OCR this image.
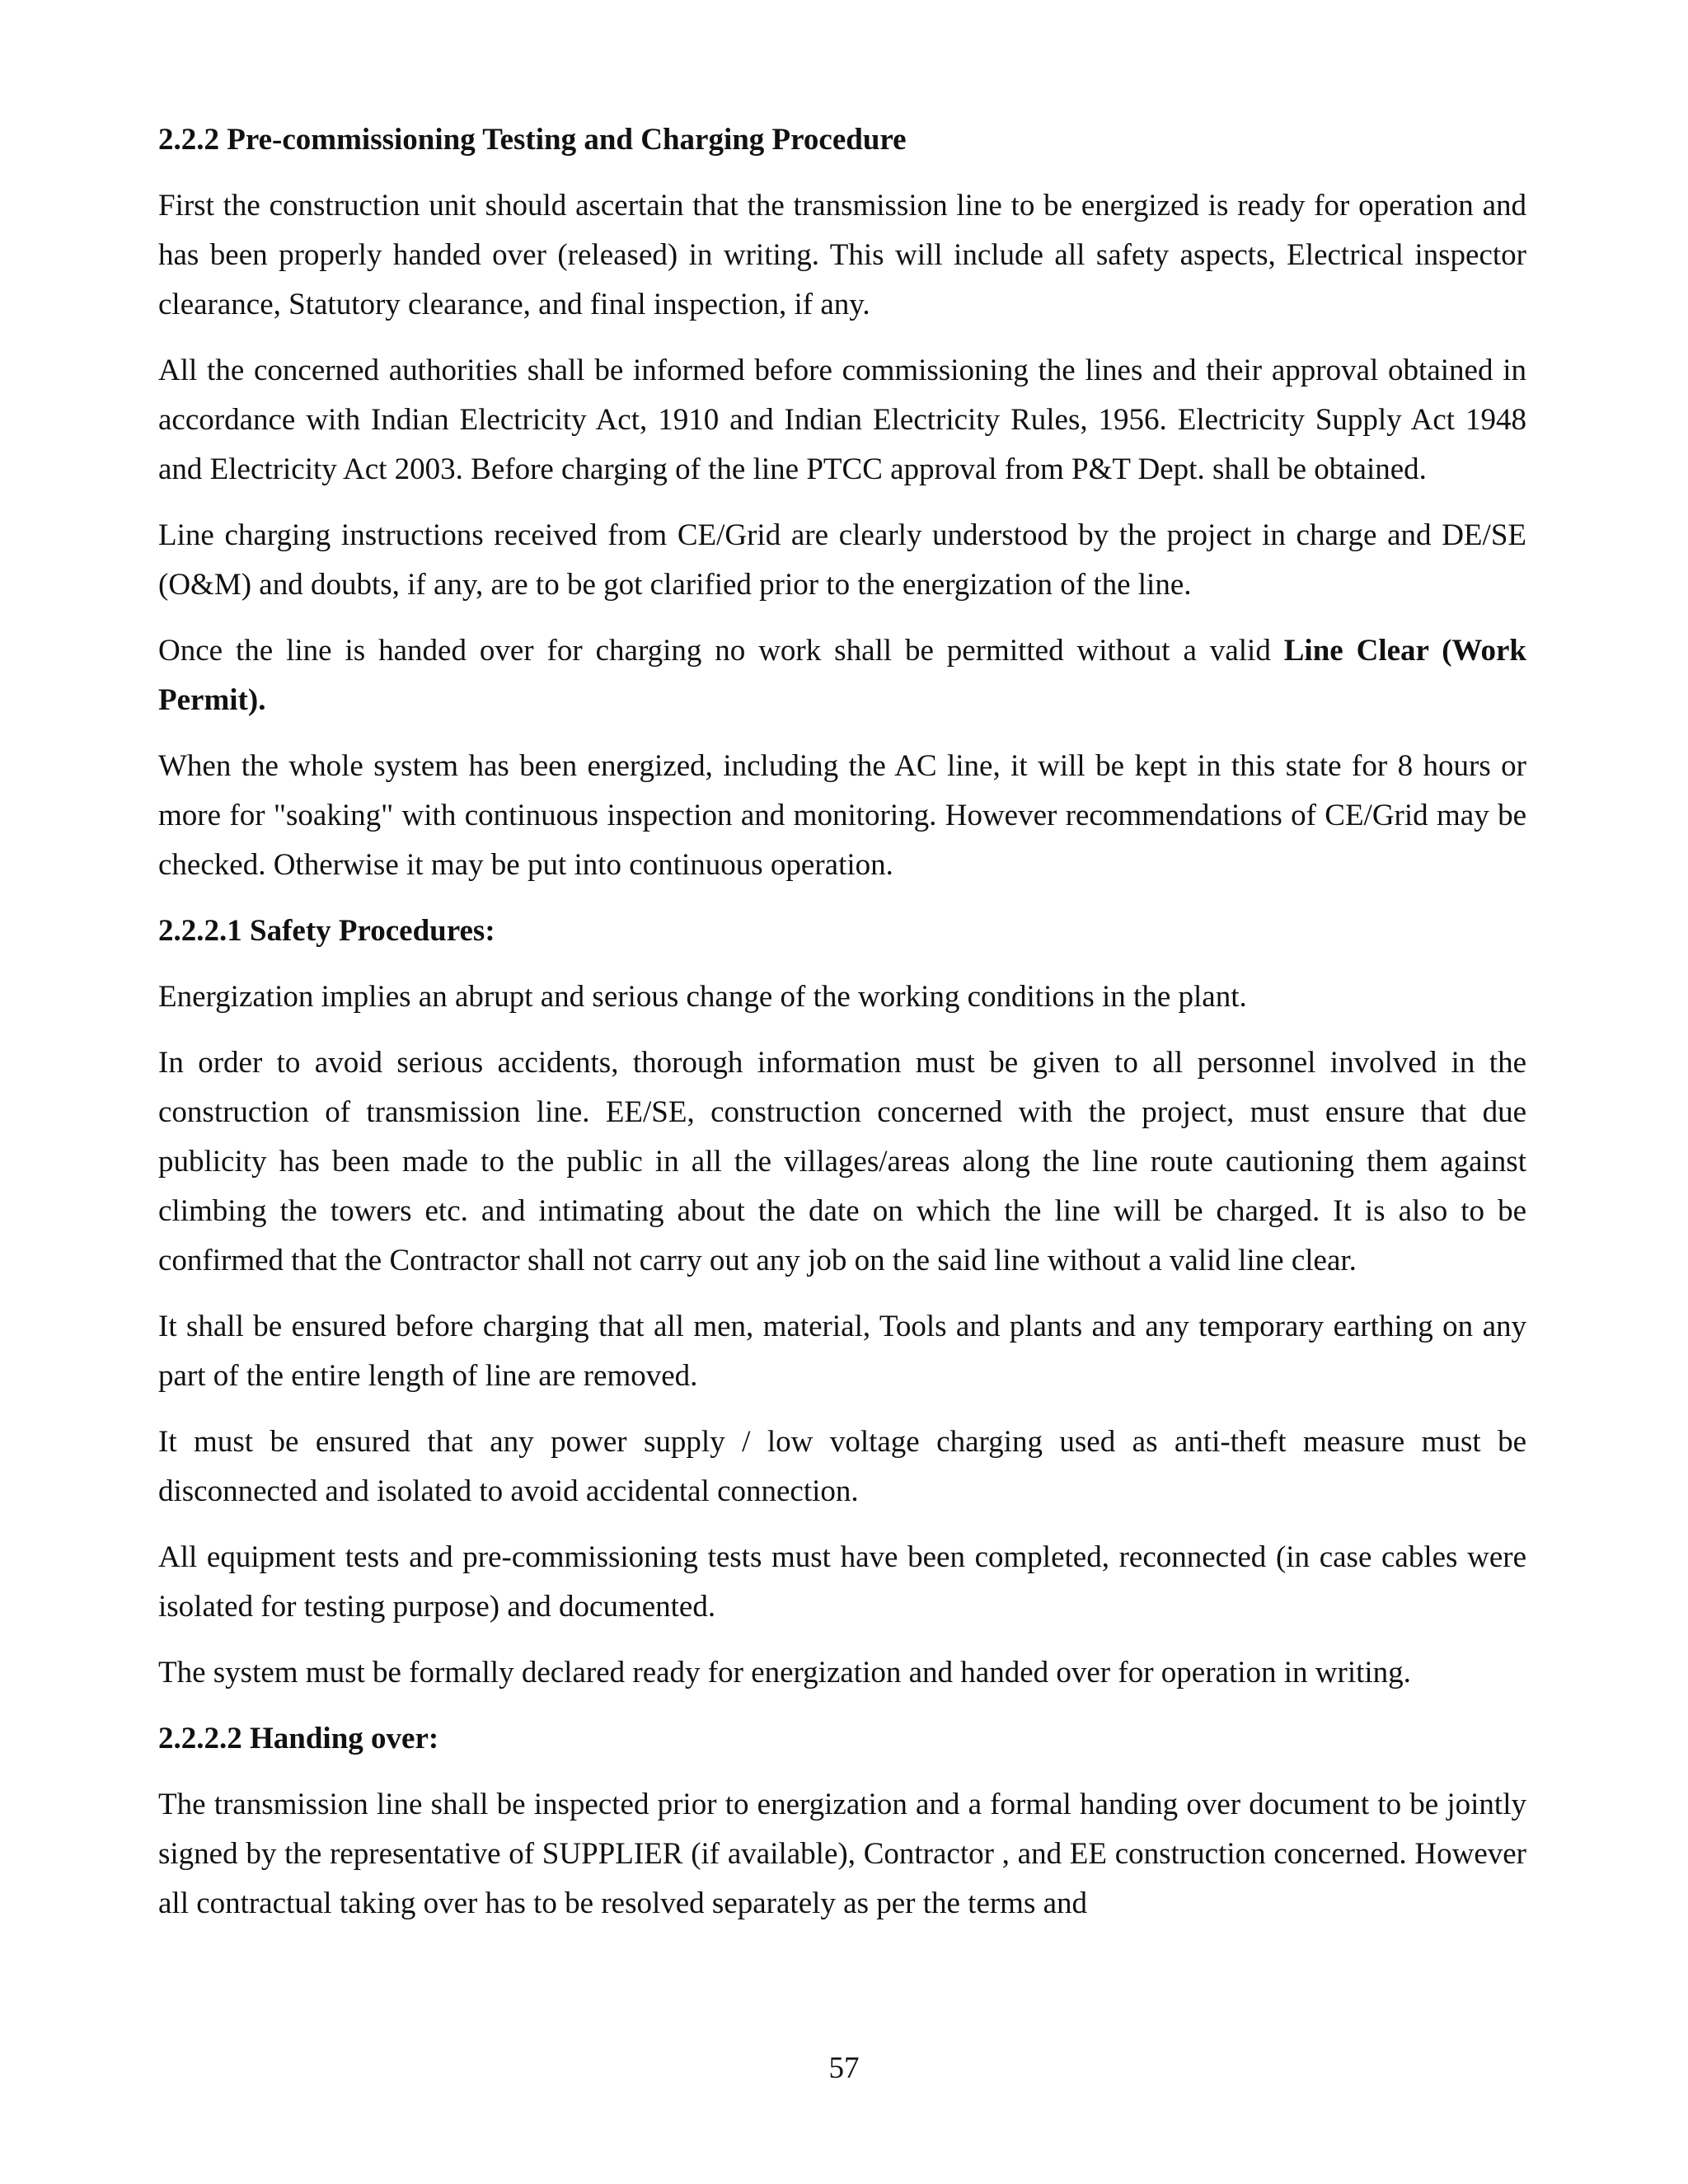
2.2.2 Pre-commissioning Testing and Charging Procedure

First the construction unit should ascertain that the transmission line to be energized is ready for operation and has been properly handed over (released) in writing. This will include all safety aspects, Electrical inspector clearance, Statutory clearance, and final inspection, if any.

All the concerned authorities shall be informed before commissioning the lines and their approval obtained in accordance with Indian Electricity Act, 1910 and Indian Electricity Rules, 1956. Electricity Supply Act 1948 and Electricity Act 2003. Before charging of the line PTCC approval from P&T Dept. shall be obtained.

Line charging instructions received from CE/Grid are clearly understood by the project in charge and DE/SE (O&M) and doubts, if any, are to be got clarified prior to the energization of the line.

Once the line is handed over for charging no work shall be permitted without a valid Line Clear (Work Permit).

When the whole system has been energized, including the AC line, it will be kept in this state for 8 hours or more for "soaking" with continuous inspection and monitoring. However recommendations of CE/Grid may be checked. Otherwise it may be put into continuous operation.

2.2.2.1 Safety Procedures:

Energization implies an abrupt and serious change of the working conditions in the plant.

In order to avoid serious accidents, thorough information must be given to all personnel involved in the construction of transmission line. EE/SE, construction concerned with the project, must ensure that due publicity has been made to the public in all the villages/areas along the line route cautioning them against climbing the towers etc. and intimating about the date on which the line will be charged. It is also to be confirmed that the Contractor shall not carry out any job on the said line without a valid line clear.

It shall be ensured before charging that all men, material, Tools and plants and any temporary earthing on any part of the entire length of line are removed.

It must be ensured that any power supply / low voltage charging used as anti-theft measure must be disconnected and isolated to avoid accidental connection.

All equipment tests and pre-commissioning tests must have been completed, reconnected (in case cables were isolated for testing purpose) and documented.

The system must be formally declared ready for energization and handed over for operation in writing.

2.2.2.2 Handing over:

The transmission line shall be inspected prior to energization and a formal handing over document to be jointly signed by the representative of SUPPLIER (if available), Contractor , and EE construction concerned. However all contractual taking over has to be resolved separately as per the terms and

57
